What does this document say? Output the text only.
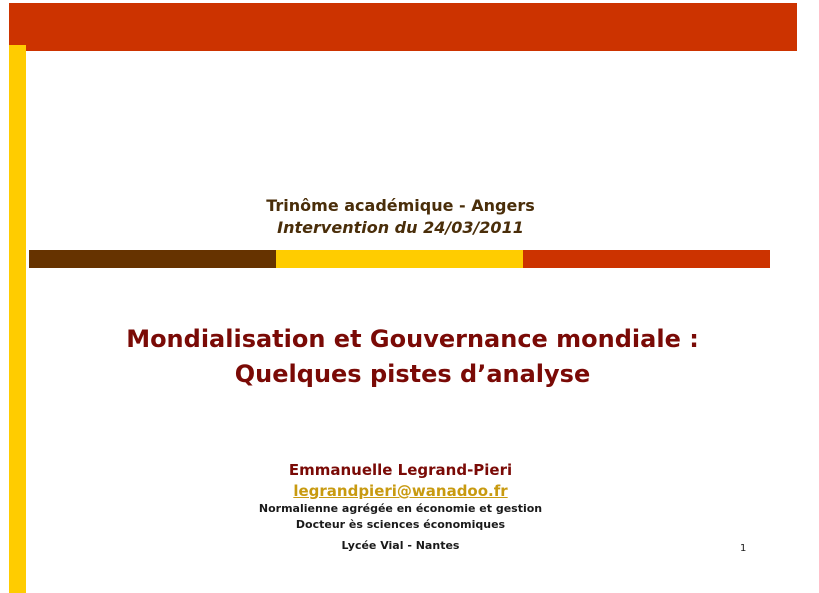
Trinôme académique - Angers
Intervention du 24/03/2011
Mondialisation et Gouvernance mondiale :
Quelques pistes d’analyse
Emmanuelle Legrand-Pieri
legrandpieri@wanadoo.fr
Normalienne agrégée en économie et gestion
Docteur ès sciences économiques
Lycée Vial - Nantes	1
